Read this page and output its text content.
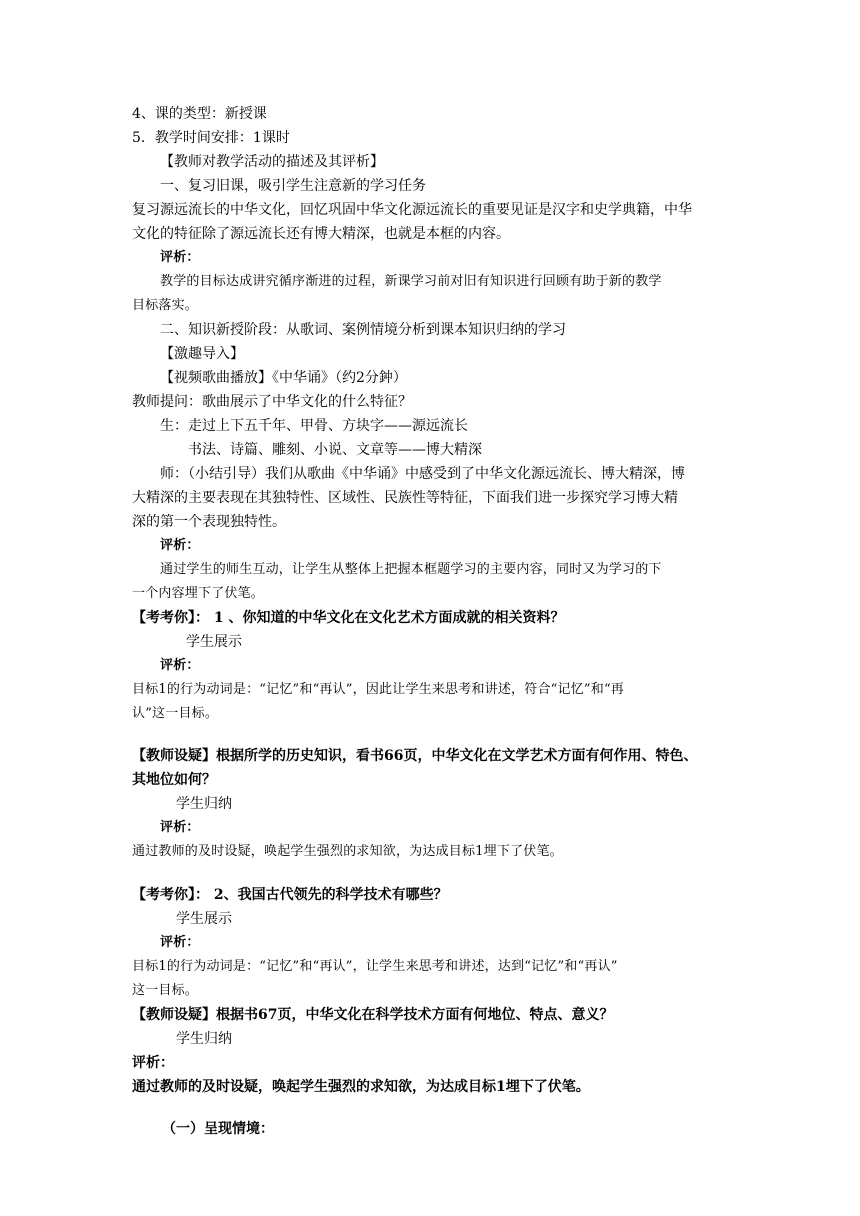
4、课的类型：新授课
5．教学时间安排：1课时
【教师对教学活动的描述及其评析】
一、复习旧课，吸引学生注意新的学习任务
复习源远流长的中华文化，回忆巩固中华文化源远流长的重要见证是汉字和史学典籍，中华
文化的特征除了源远流长还有博大精深，也就是本框的内容。
评析：
教学的目标达成讲究循序渐进的过程，新课学习前对旧有知识进行回顾有助于新的教学
目标落实。
二、知识新授阶段：从歌词、案例情境分析到课本知识归纳的学习
【激趣导入】
【视频歌曲播放】《中华诵》（约2分鈡）
教师提问：歌曲展示了中华文化的什么特征？
生：走过上下五千年、甲骨、方块字——源远流长
书法、诗篇、雕刻、小说、文章等——博大精深
师：（小结引导）我们从歌曲《中华诵》中感受到了中华文化源远流长、博大精深，博
大精深的主要表现在其独特性、区域性、民族性等特征，下面我们进一步探究学习博大精
深的第一个表现独特性。
评析：
通过学生的师生互动，让学生从整体上把握本框题学习的主要内容，同时又为学习的下
一个内容埋下了伏笔。
【考考你】： 1 、你知道的中华文化在文化艺术方面成就的相关资料？
学生展示
评析：
目标1的行为动词是：“记忆”和“再认”，因此让学生来思考和讲述，符合“记忆”和“再
认”这一目标。
【教师设疑】根据所学的历史知识，看书66页，中华文化在文学艺术方面有何作用、特色、
其地位如何？
学生归纳
评析：
通过教师的及时设疑，唤起学生强烈的求知欲，为达成目标1埋下了伏笔。
【考考你】： 2、我国古代领先的科学技术有哪些？
学生展示
评析：
目标1的行为动词是：“记忆”和“再认”，让学生来思考和讲述，达到“记忆”和“再认”
这一目标。
【教师设疑】根据书67页，中华文化在科学技术方面有何地位、特点、意义？
学生归纳
评析：
通过教师的及时设疑，唤起学生强烈的求知欲，为达成目标1埋下了伏笔。
（一）呈现情境：
